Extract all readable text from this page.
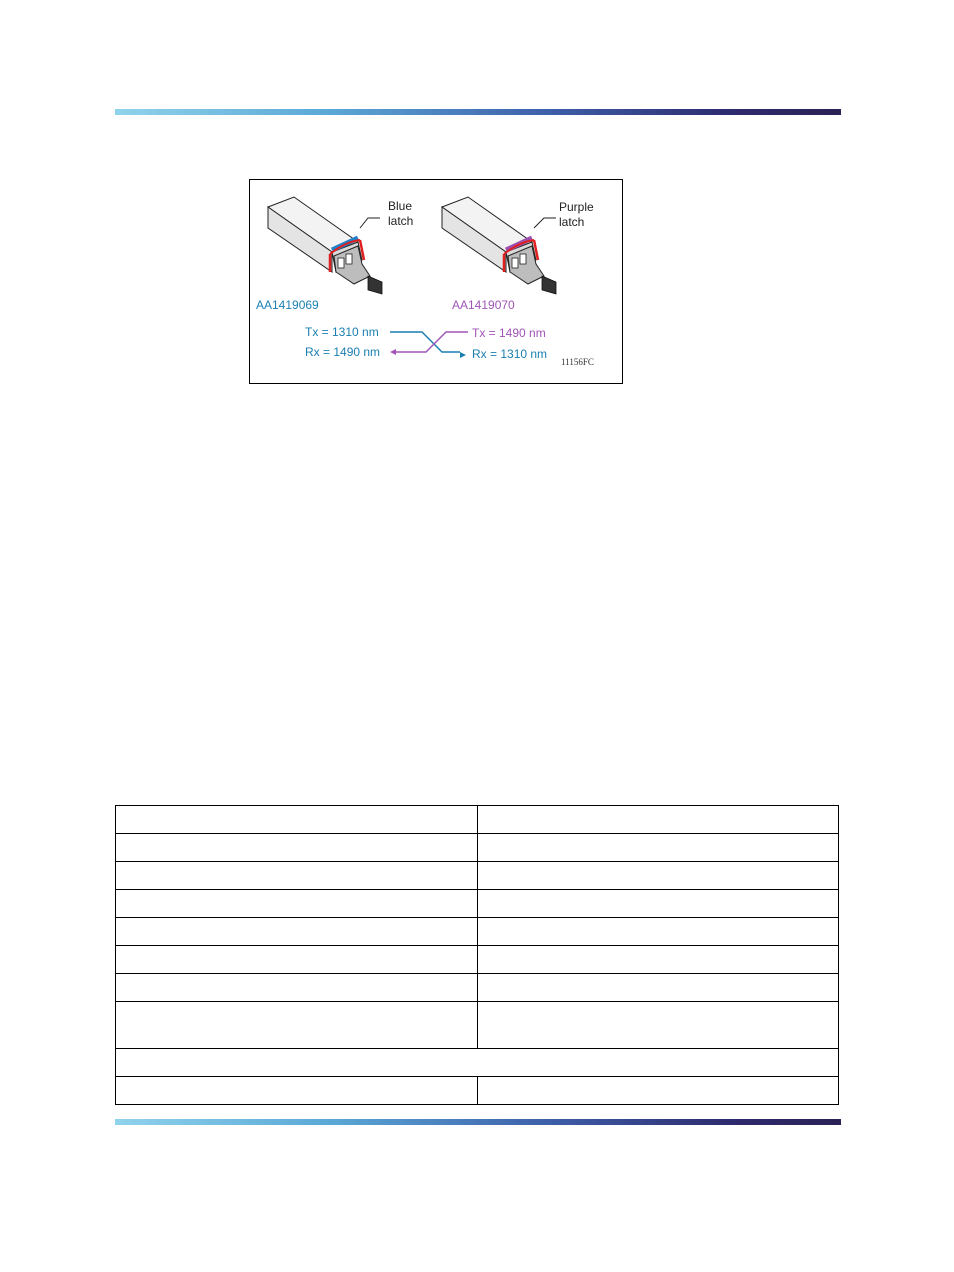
Blue
latch
AA1419069
Purple
latch
AA1419070
Tx = 1310 nm
Rx = 1490 nm
Tx = 1490 nm
Rx = 1310 nm
11156FC
